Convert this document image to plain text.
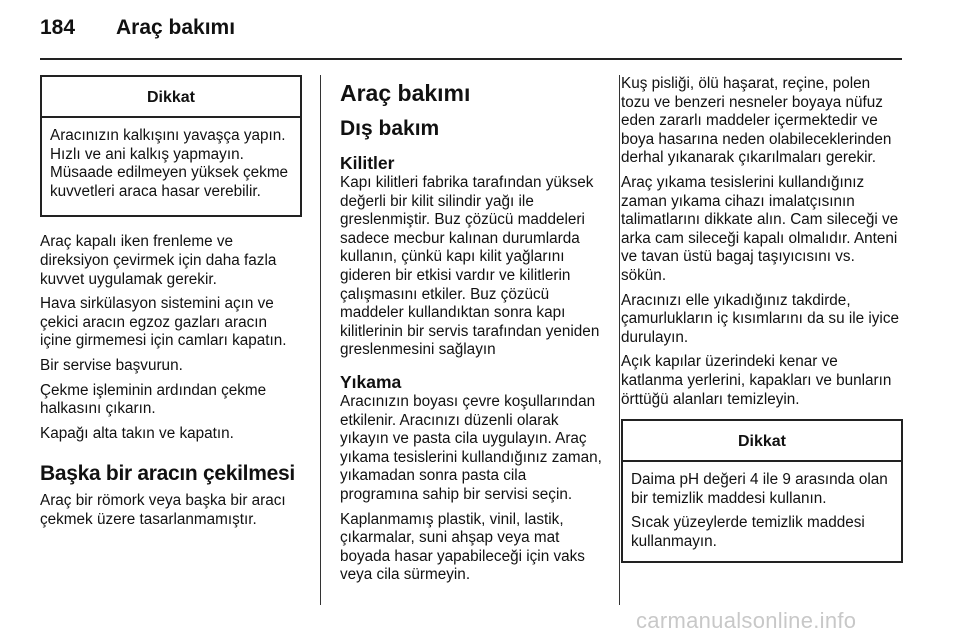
184	Araç bakımı
Dikkat

Aracınızın kalkışını yavaşça yapın. Hızlı ve ani kalkış yapmayın. Müsaade edilmeyen yüksek çekme kuvvetleri araca hasar verebilir.

Araç kapalı iken frenleme ve direksiyon çevirmek için daha fazla kuvvet uygulamak gerekir.

Hava sirkülasyon sistemini açın ve çekici aracın egzoz gazları aracın içine girmemesi için camları kapatın.

Bir servise başvurun.

Çekme işleminin ardından çekme halkasını çıkarın.

Kapağı alta takın ve kapatın.

Başka bir aracın çekilmesi

Araç bir römork veya başka bir aracı çekmek üzere tasarlanmamıştır.

Araç bakımı
Dış bakım
Kilitler

Kapı kilitleri fabrika tarafından yüksek değerli bir kilit silindir yağı ile greslenmiştir. Buz çözücü maddeleri sadece mecbur kalınan durumlarda kullanın, çünkü kapı kilit yağlarını gideren bir etkisi vardır ve kilitlerin çalışmasını etkiler. Buz çözücü maddeler kullandıktan sonra kapı kilitlerinin bir servis tarafından yeniden greslenmesini sağlayın

Yıkama

Aracınızın boyası çevre koşullarından etkilenir. Aracınızı düzenli olarak yıkayın ve pasta cila uygulayın. Araç yıkama tesislerini kullandığınız zaman, yıkamadan sonra pasta cila programına sahip bir servisi seçin.

Kaplanmamış plastik, vinil, lastik, çıkarmalar, suni ahşap veya mat boyada hasar yapabileceği için vaks veya cila sürmeyin.

Kuş pisliği, ölü haşarat, reçine, polen tozu ve benzeri nesneler boyaya nüfuz eden zararlı maddeler içermektedir ve boya hasarına neden olabileceklerinden derhal yıkanarak çıkarılmaları gerekir.

Araç yıkama tesislerini kullandığınız zaman yıkama cihazı imalatçısının talimatlarını dikkate alın. Cam sileceği ve arka cam sileceği kapalı olmalıdır. Anteni ve tavan üstü bagaj taşıyıcısını vs. sökün.

Aracınızı elle yıkadığınız takdirde, çamurlukların iç kısımlarını da su ile iyice durulayın.

Açık kapılar üzerindeki kenar ve katlanma yerlerini, kapakları ve bunların örttüğü alanları temizleyin.

Dikkat

Daima pH değeri 4 ile 9 arasında olan bir temizlik maddesi kullanın.

Sıcak yüzeylerde temizlik maddesi kullanmayın.

carmanualsonline.info
